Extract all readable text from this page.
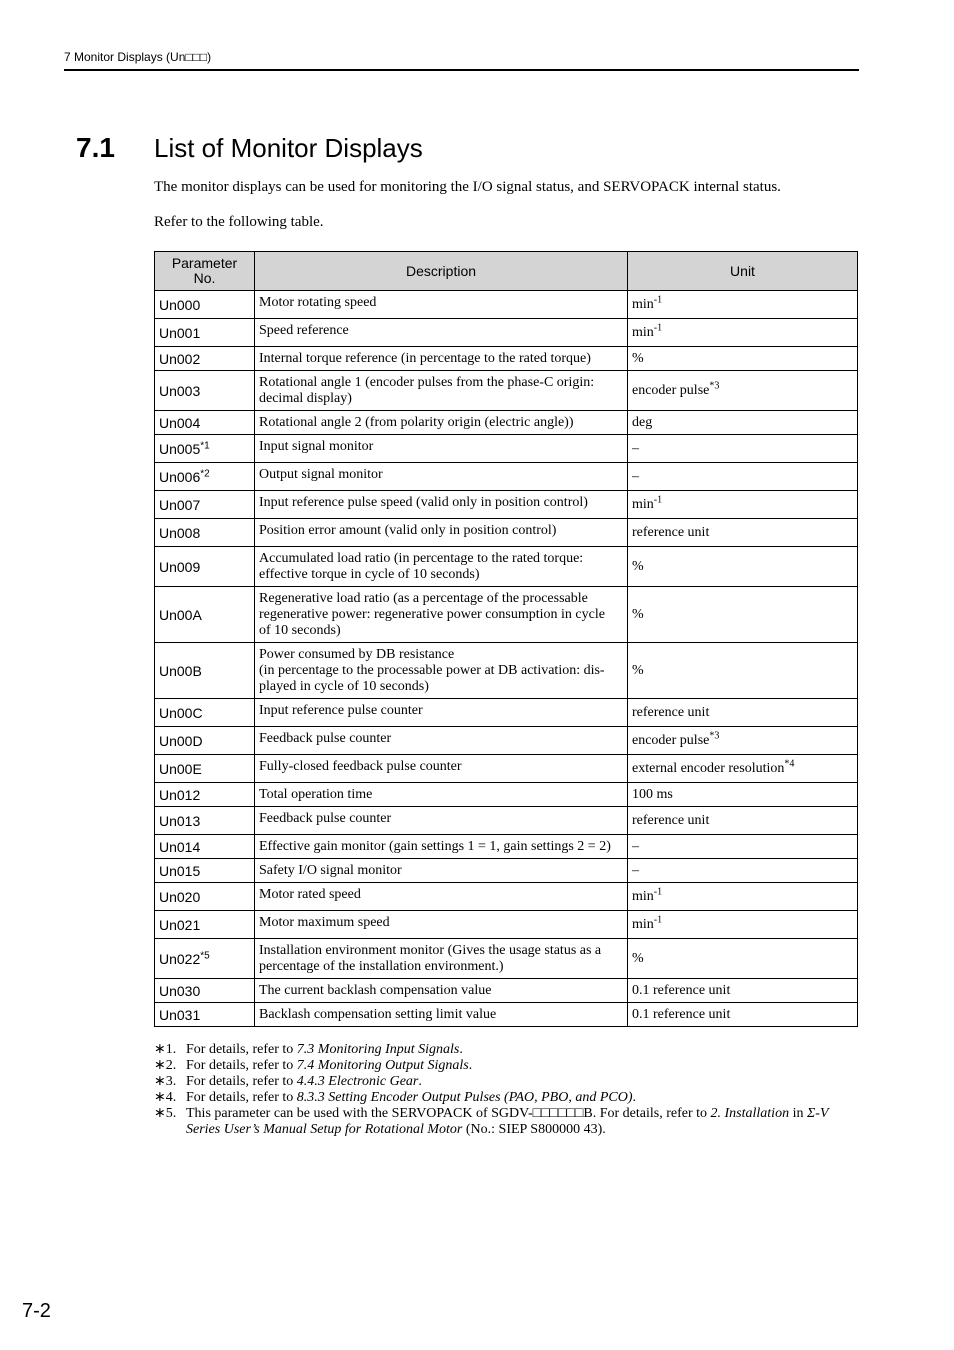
7 Monitor Displays (Un□□□)
7.1 List of Monitor Displays
The monitor displays can be used for monitoring the I/O signal status, and SERVOPACK internal status.
Refer to the following table.
Parameter
No.	Description	Unit
Un000	Motor rotating speed	$\min^{-1}$
Un001	Speed reference	$\min^{-1}$
Un002	Internal torque reference (in percentage to the rated torque)	%
Un003	Rotational angle 1 (encoder pulses from the phase-C origin:
decimal display)	encoder pulse$^{*3}$
Un004	Rotational angle 2 (from polarity origin (electric angle))	deg
Un005$^{*1}$	Input signal monitor	–
Un006$^{*2}$	Output signal monitor	–
Un007	Input reference pulse speed (valid only in position control)	$\min^{-1}$
Un008	Position error amount (valid only in position control)	reference unit
Un009	Accumulated load ratio (in percentage to the rated torque:
effective torque in cycle of 10 seconds)	%
Un00A	Regenerative load ratio (as a percentage of the processable
regenerative power: regenerative power consumption in cycle
of 10 seconds)	%
Un00B	Power consumed by DB resistance
(in percentage to the processable power at DB activation: dis-
played in cycle of 10 seconds)	%
Un00C	Input reference pulse counter	reference unit
Un00D	Feedback pulse counter	encoder pulse$^{*3}$
Un00E	Fully-closed feedback pulse counter	external encoder resolution$^{*4}$
Un012	Total operation time	100 ms
Un013	Feedback pulse counter	reference unit
Un014	Effective gain monitor (gain settings 1 = 1, gain settings 2 = 2)	–
Un015	Safety I/O signal monitor	–
Un020	Motor rated speed	$\min^{-1}$
Un021	Motor maximum speed	$\min^{-1}$
Un022$^{*5}$	Installation environment monitor (Gives the usage status as a
percentage of the installation environment.)	%
Un030	The current backlash compensation value	0.1 reference unit
Un031	Backlash compensation setting limit value	0.1 reference unit
∗1. For details, refer to 7.3 Monitoring Input Signals.
∗2. For details, refer to 7.4 Monitoring Output Signals.
∗3. For details, refer to 4.4.3 Electronic Gear.
∗4. For details, refer to 8.3.3 Setting Encoder Output Pulses (PAO, PBO, and PCO).
∗5. This parameter can be used with the SERVOPACK of SGDV-□□□□□□B. For details, refer to 2. Installation in Σ-V Series User’s Manual Setup for Rotational Motor (No.: SIEP S800000 43).
7-2
